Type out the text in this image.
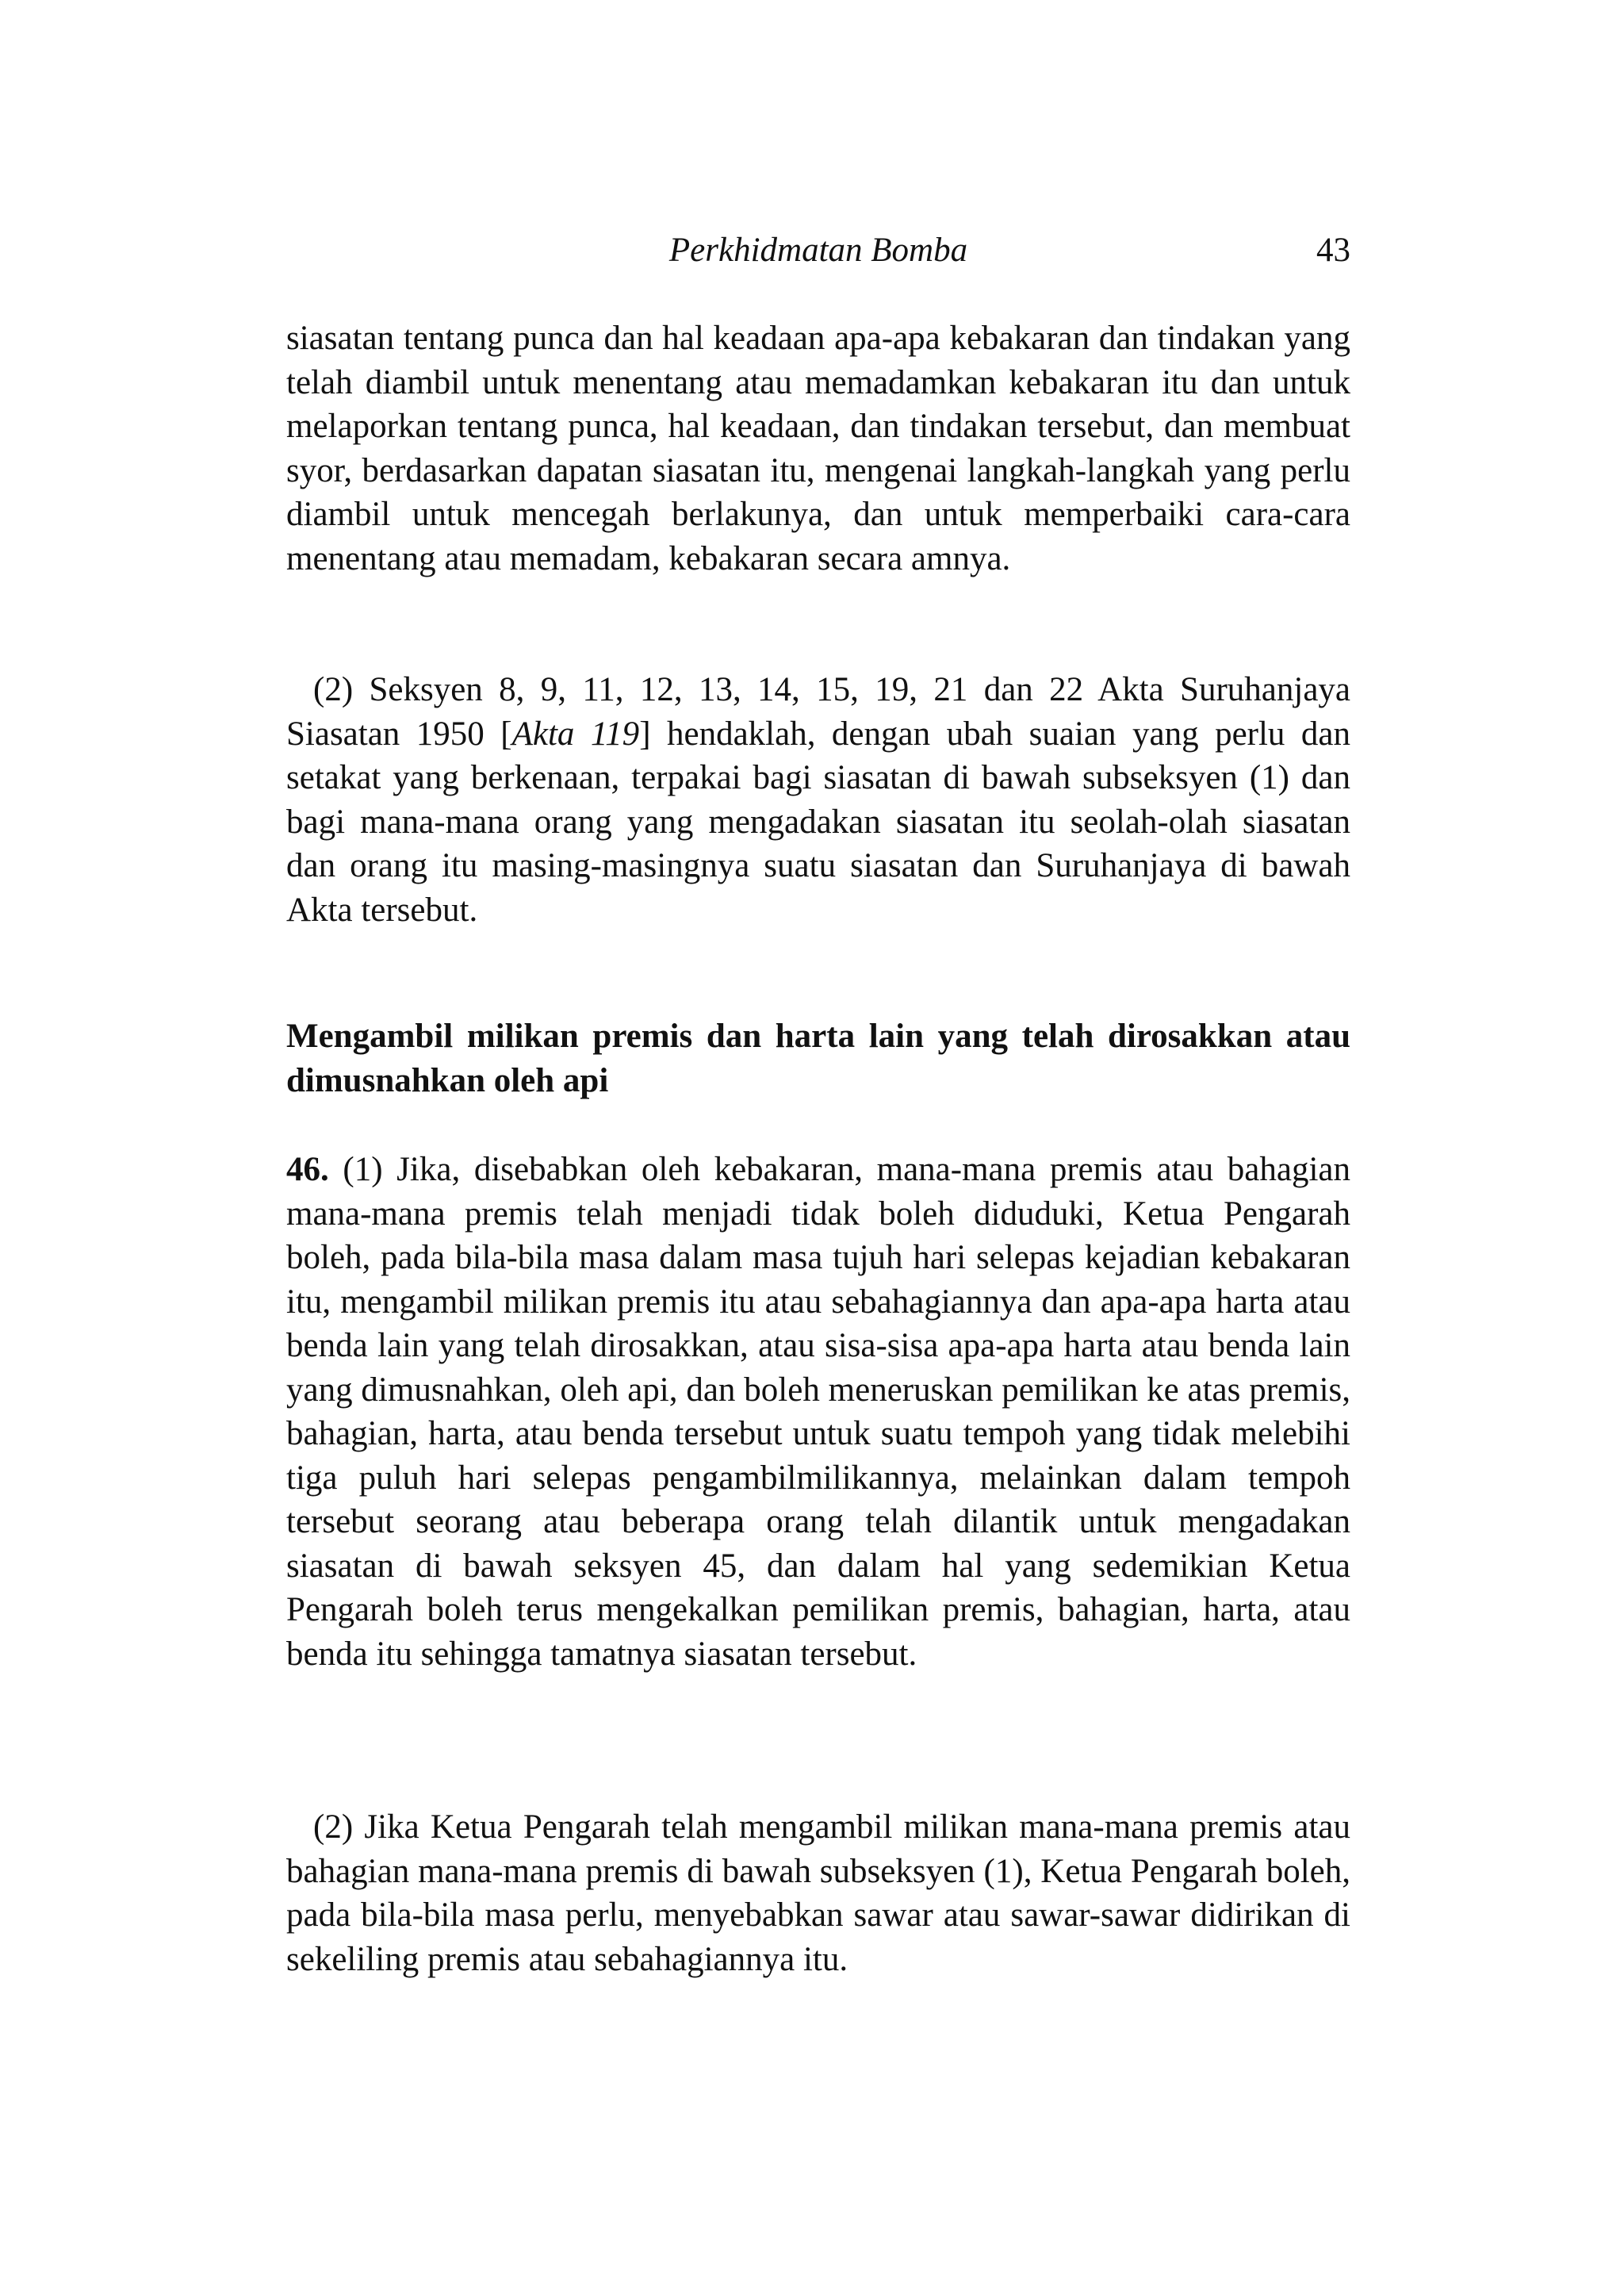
Perkhidmatan Bomba	43

siasatan tentang punca dan hal keadaan apa-apa kebakaran dan tindakan yang telah diambil untuk menentang atau memadamkan kebakaran itu dan untuk melaporkan tentang punca, hal keadaan, dan tindakan tersebut, dan membuat syor, berdasarkan dapatan siasatan itu, mengenai langkah-langkah yang perlu diambil untuk mencegah berlakunya, dan untuk memperbaiki cara-cara menentang atau memadam, kebakaran secara amnya.

(2) Seksyen 8, 9, 11, 12, 13, 14, 15, 19, 21 dan 22 Akta Suruhanjaya Siasatan 1950 [Akta 119] hendaklah, dengan ubah suaian yang perlu dan setakat yang berkenaan, terpakai bagi siasatan di bawah subseksyen (1) dan bagi mana-mana orang yang mengadakan siasatan itu seolah-olah siasatan dan orang itu masing-masingnya suatu siasatan dan Suruhanjaya di bawah Akta tersebut.

Mengambil milikan premis dan harta lain yang telah dirosakkan atau dimusnahkan oleh api

46. (1) Jika, disebabkan oleh kebakaran, mana-mana premis atau bahagian mana-mana premis telah menjadi tidak boleh diduduki, Ketua Pengarah boleh, pada bila-bila masa dalam masa tujuh hari selepas kejadian kebakaran itu, mengambil milikan premis itu atau sebahagiannya dan apa-apa harta atau benda lain yang telah dirosakkan, atau sisa-sisa apa-apa harta atau benda lain yang dimusnahkan, oleh api, dan boleh meneruskan pemilikan ke atas premis, bahagian, harta, atau benda tersebut untuk suatu tempoh yang tidak melebihi tiga puluh hari selepas pengambilmilikannya, melainkan dalam tempoh tersebut seorang atau beberapa orang telah dilantik untuk mengadakan siasatan di bawah seksyen 45, dan dalam hal yang sedemikian Ketua Pengarah boleh terus mengekalkan pemilikan premis, bahagian, harta, atau benda itu sehingga tamatnya siasatan tersebut.

(2) Jika Ketua Pengarah telah mengambil milikan mana-mana premis atau bahagian mana-mana premis di bawah subseksyen (1), Ketua Pengarah boleh, pada bila-bila masa perlu, menyebabkan sawar atau sawar-sawar didirikan di sekeliling premis atau sebahagiannya itu.
